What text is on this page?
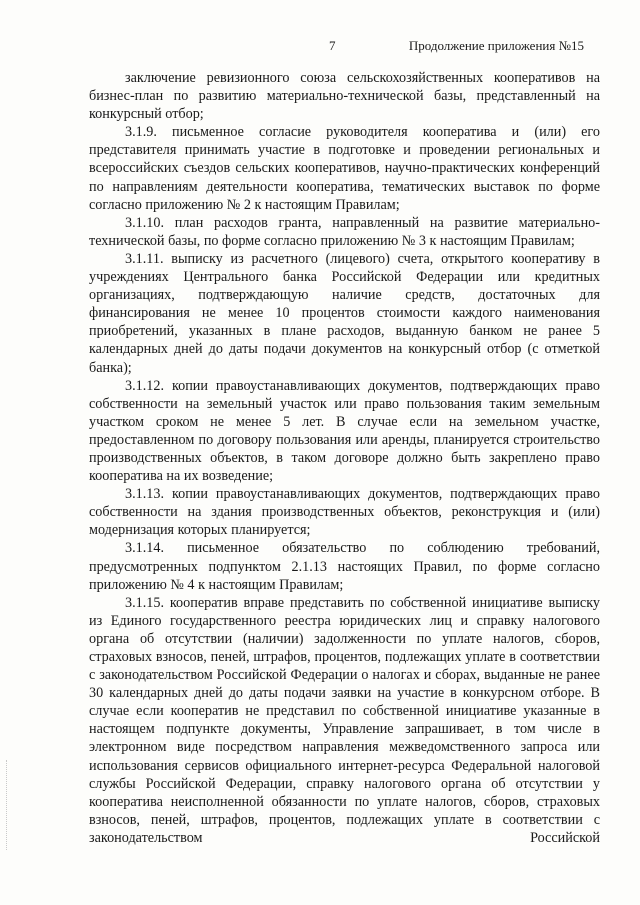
7	Продолжение приложения №15

заключение ревизионного союза сельскохозяйственных кооперативов на бизнес-план по развитию материально-технической базы, представленный на конкурсный отбор;

3.1.9. письменное согласие руководителя кооператива и (или) его представителя принимать участие в подготовке и проведении региональных и всероссийских съездов сельских кооперативов, научно-практических конференций по направлениям деятельности кооператива, тематических выставок по форме согласно приложению № 2 к настоящим Правилам;

3.1.10. план расходов гранта, направленный на развитие материально-технической базы, по форме согласно приложению № 3 к настоящим Правилам;

3.1.11. выписку из расчетного (лицевого) счета, открытого кооперативу в учреждениях Центрального банка Российской Федерации или кредитных организациях, подтверждающую наличие средств, достаточных для финансирования не менее 10 процентов стоимости каждого наименования приобретений, указанных в плане расходов, выданную банком не ранее 5 календарных дней до даты подачи документов на конкурсный отбор (с отметкой банка);

3.1.12. копии правоустанавливающих документов, подтверждающих право собственности на земельный участок или право пользования таким земельным участком сроком не менее 5 лет. В случае если на земельном участке, предоставленном по договору пользования или аренды, планируется строительство производственных объектов, в таком договоре должно быть закреплено право кооператива на их возведение;

3.1.13. копии правоустанавливающих документов, подтверждающих право собственности на здания производственных объектов, реконструкция и (или) модернизация которых планируется;

3.1.14. письменное обязательство по соблюдению требований, предусмотренных подпунктом 2.1.13 настоящих Правил, по форме согласно приложению № 4 к настоящим Правилам;

3.1.15. кооператив вправе представить по собственной инициативе выписку из Единого государственного реестра юридических лиц и справку налогового органа об отсутствии (наличии) задолженности по уплате налогов, сборов, страховых взносов, пеней, штрафов, процентов, подлежащих уплате в соответствии с законодательством Российской Федерации о налогах и сборах, выданные не ранее 30 календарных дней до даты подачи заявки на участие в конкурсном отборе. В случае если кооператив не представил по собственной инициативе указанные в настоящем подпункте документы, Управление запрашивает, в том числе в электронном виде посредством направления межведомственного запроса или использования сервисов официального интернет-ресурса Федеральной налоговой службы Российской Федерации, справку налогового органа об отсутствии у кооператива неисполненной обязанности по уплате налогов, сборов, страховых взносов, пеней, штрафов, процентов, подлежащих уплате в соответствии с законодательством Российской
